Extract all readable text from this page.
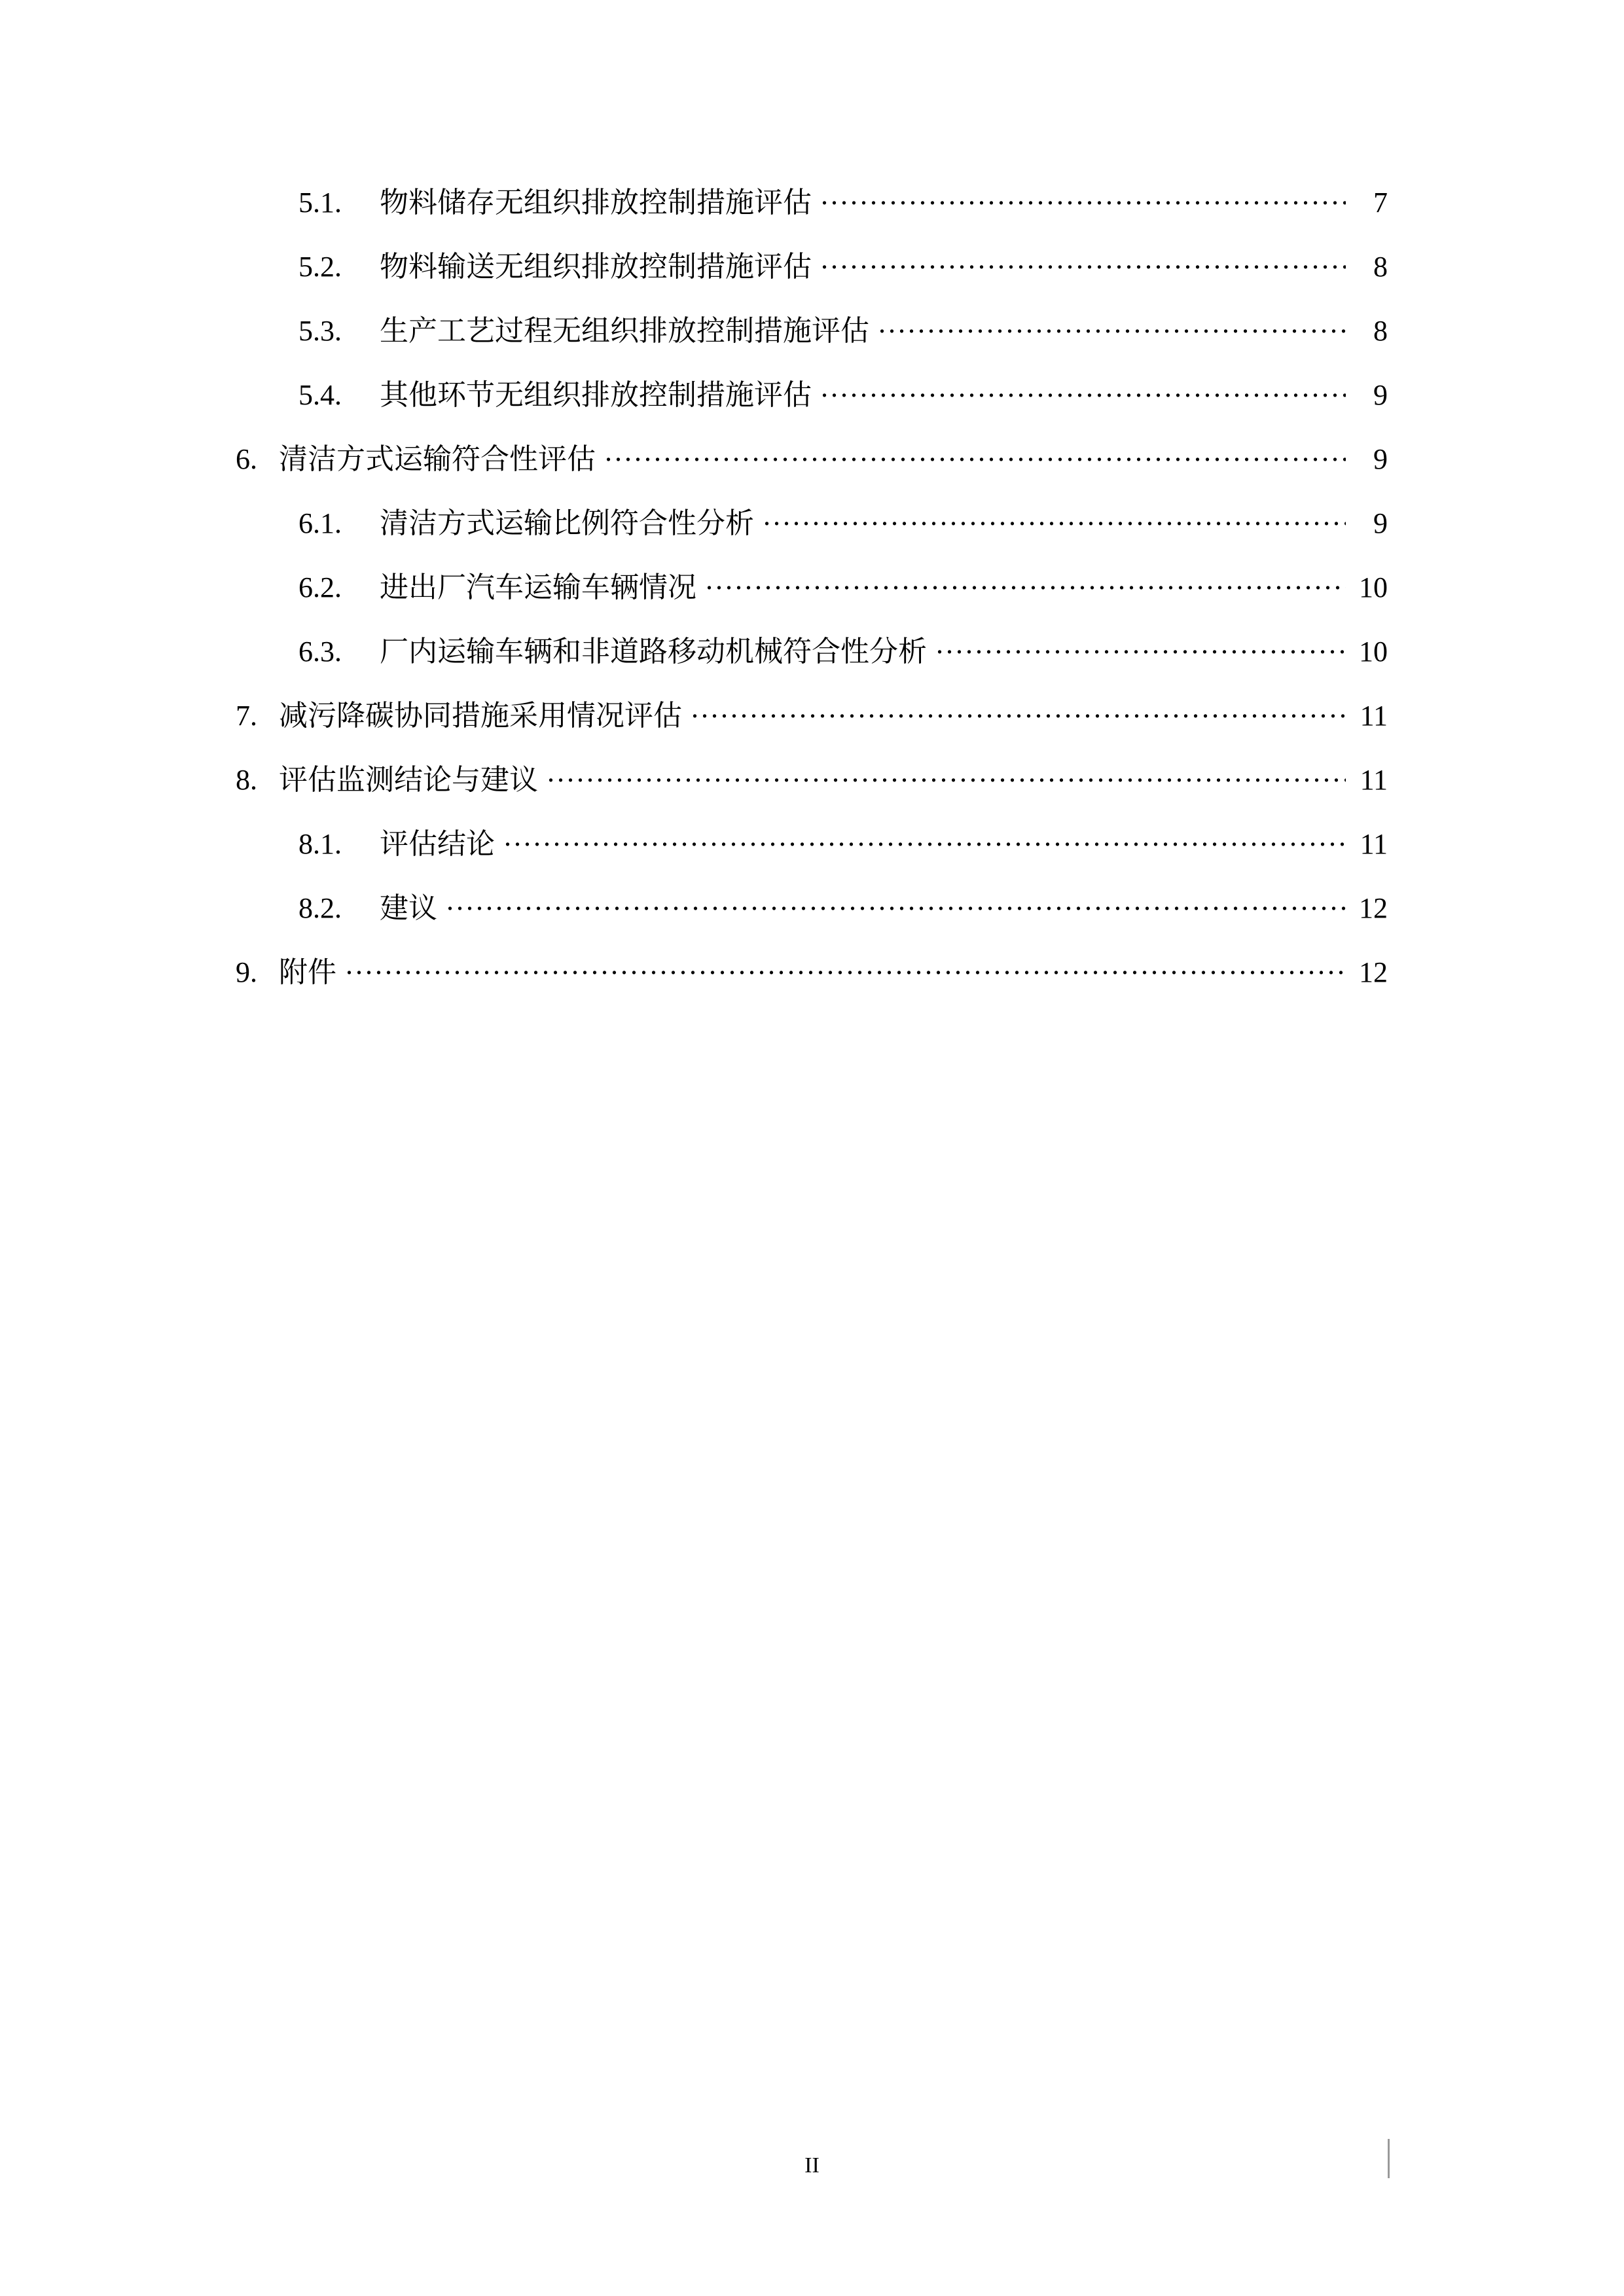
5.1.	物料储存无组织排放控制措施评估 .....	7
5.2.	物料输送无组织排放控制措施评估 .....	8
5.3.	生产工艺过程无组织排放控制措施评估 .....	8
5.4.	其他环节无组织排放控制措施评估 .....	9
6. 清洁方式运输符合性评估 .....	9
6.1.	清洁方式运输比例符合性分析 .....	9
6.2.	进出厂汽车运输车辆情况 .....	10
6.3.	厂内运输车辆和非道路移动机械符合性分析 .....	10
7. 减污降碳协同措施采用情况评估 .....	11
8. 评估监测结论与建议 .....	11
8.1.	评估结论 .....	11
8.2.	建议 .....	12
9. 附件 .....	12
II
